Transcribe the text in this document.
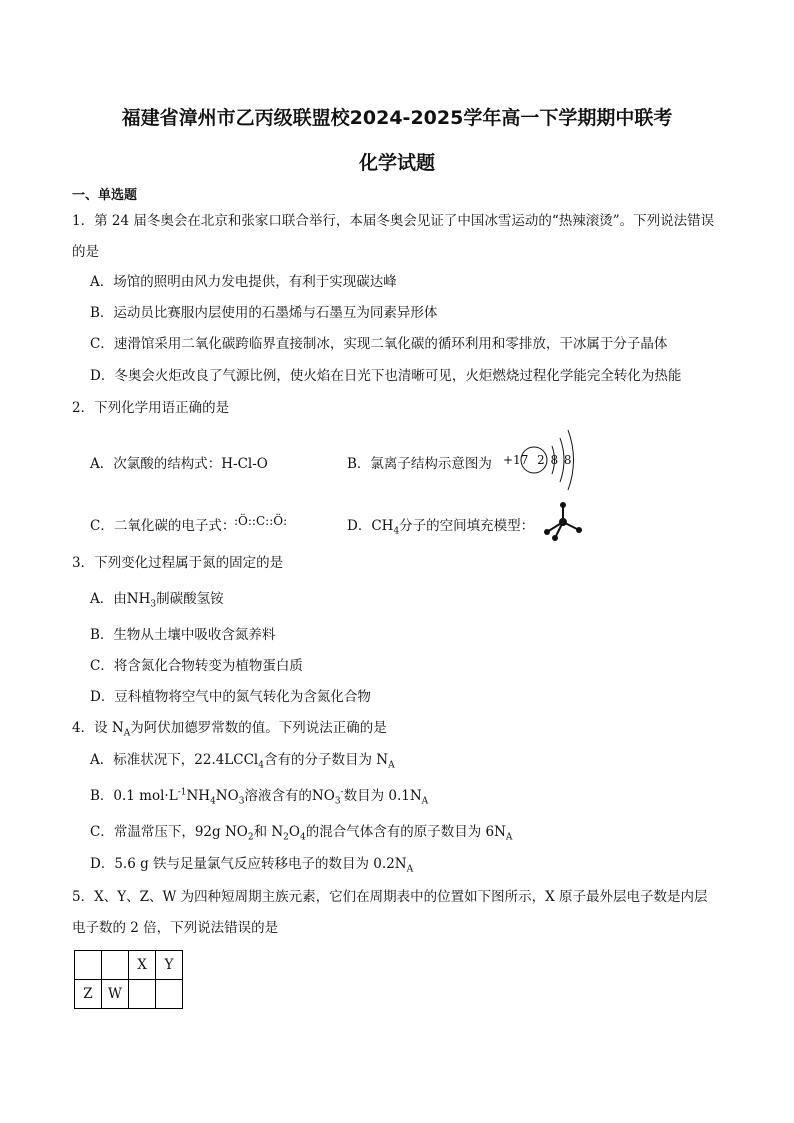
福建省漳州市乙丙级联盟校2024-2025学年高一下学期期中联考
化学试题
一、单选题
1．第 24 届冬奥会在北京和张家口联合举行，本届冬奥会见证了中国冰雪运动的“热辣滚烫”。下列说法错误
的是
A．场馆的照明由风力发电提供，有利于实现碳达峰
B．运动员比赛服内层使用的石墨烯与石墨互为同素异形体
C．速滑馆采用二氧化碳跨临界直接制冰，实现二氧化碳的循环利用和零排放，干冰属于分子晶体
D．冬奥会火炬改良了气源比例，使火焰在日光下也清晰可见，火炬燃烧过程化学能完全转化为热能
2．下列化学用语正确的是
A．次氯酸的结构式：H-Cl-O	B．氯离子结构示意图为 +17 2 8 8
C．二氧化碳的电子式：
:Ö::C::Ö:	D．$CH_4$分子的空间填充模型：
3．下列变化过程属于氮的固定的是
A．由$NH_3$制碳酸氢铵
B．生物从土壤中吸收含氮养料
C．将含氮化合物转变为植物蛋白质
D．豆科植物将空气中的氮气转化为含氮化合物
4．设 $N_A$为阿伏加德罗常数的值。下列说法正确的是
A．标准状况下，22.4LCCl$_4$含有的分子数目为 $N_A$
B．0.1 $mol\cdot L^{-1}NH_4NO_3$溶液含有的$NO_3^-$数目为 $0.1N_A$
C．常温常压下，92g $NO_2$和 $N_2O_4$的混合气体含有的原子数目为 $6N_A$
D．5.6 g 铁与足量氯气反应转移电子的数目为 $0.2N_A$
5．X、Y、Z、W 为四种短周期主族元素，它们在周期表中的位置如下图所示，X 原子最外层电子数是内层
电子数的 2 倍，下列说法错误的是
		X	Y
Z	W		
